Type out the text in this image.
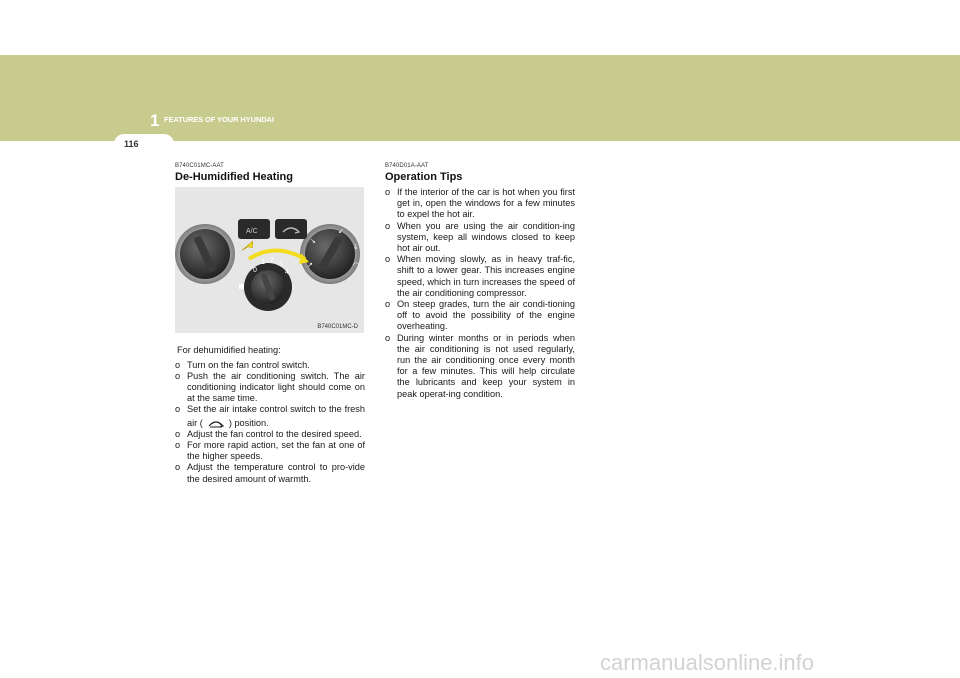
1 FEATURES OF YOUR HYUNDAI
116
B740C01MC-AAT
De-Humidified Heating
0
1 2
3
4
A/C
↘
↙
↓
◠
↗
B740C01MC-D
For dehumidified heating:
o Turn on the fan control switch.
o Push the air conditioning switch. The air conditioning indicator light should come on at the same time.
o Set the air intake control switch to the fresh air (	) position.
o Adjust the fan control to the desired speed.
o For more rapid action, set the fan at one of the higher speeds.
o Adjust the temperature control to pro-vide the desired amount of warmth.
B740D01A-AAT
Operation Tips
o If the interior of the car is hot when you first get in, open the windows for a few minutes to expel the hot air.
o When you are using the air condition-ing system, keep all windows closed to keep hot air out.
o When moving slowly, as in heavy traf-fic, shift to a lower gear. This increases engine speed, which in turn increases the speed of the air conditioning compressor.
o On steep grades, turn the air condi-tioning off to avoid the possibility of the engine overheating.
o During winter months or in periods when the air conditioning is not used regularly, run the air conditioning once every month for a few minutes. This will help circulate the lubricants and keep your system in peak operat-ing condition.
carmanualsonline.info
